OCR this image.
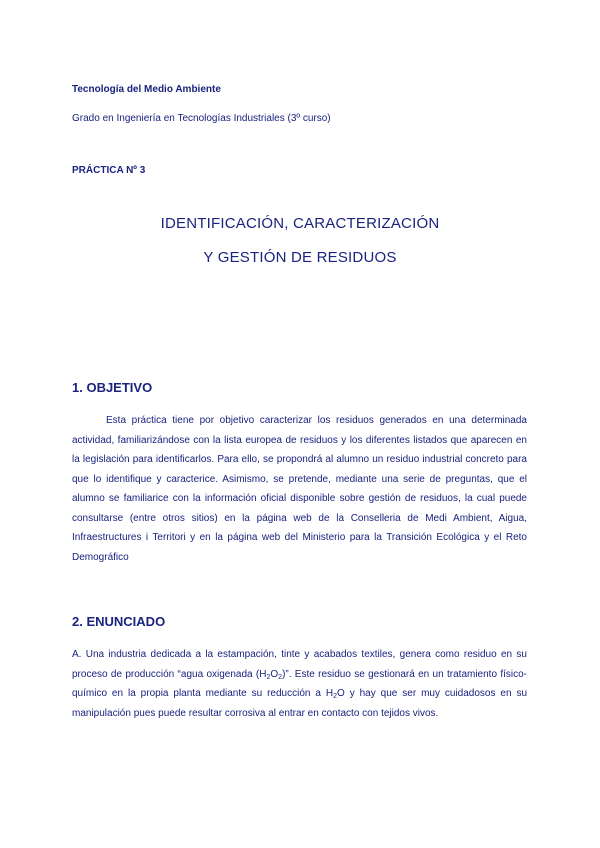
Tecnología del Medio Ambiente

Grado en Ingeniería en Tecnologías Industriales (3º curso)

PRÁCTICA Nº 3

IDENTIFICACIÓN, CARACTERIZACIÓN
Y GESTIÓN DE RESIDUOS
1. OBJETIVO

Esta práctica tiene por objetivo caracterizar los residuos generados en una determinada actividad, familiarizándose con la lista europea de residuos y los diferentes listados que aparecen en la legislación para identificarlos. Para ello, se propondrá al alumno un residuo industrial concreto para que lo identifique y caracterice. Asimismo, se pretende, mediante una serie de preguntas, que el alumno se familiarice con la información oficial disponible sobre gestión de residuos, la cual puede consultarse (entre otros sitios) en la página web de la Conselleria de Medi Ambient, Aigua, Infraestructures i Territori y en la página web del Ministerio para la Transición Ecológica y el Reto Demográfico

2. ENUNCIADO

A. Una industria dedicada a la estampación, tinte y acabados textiles, genera como residuo en su proceso de producción “agua oxigenada $(H_2O_2)$”. Este residuo se gestionará en un tratamiento físico-químico en la propia planta mediante su reducción a $H_2O$ y hay que ser muy cuidadosos en su manipulación pues puede resultar corrosiva al entrar en contacto con tejidos vivos.
